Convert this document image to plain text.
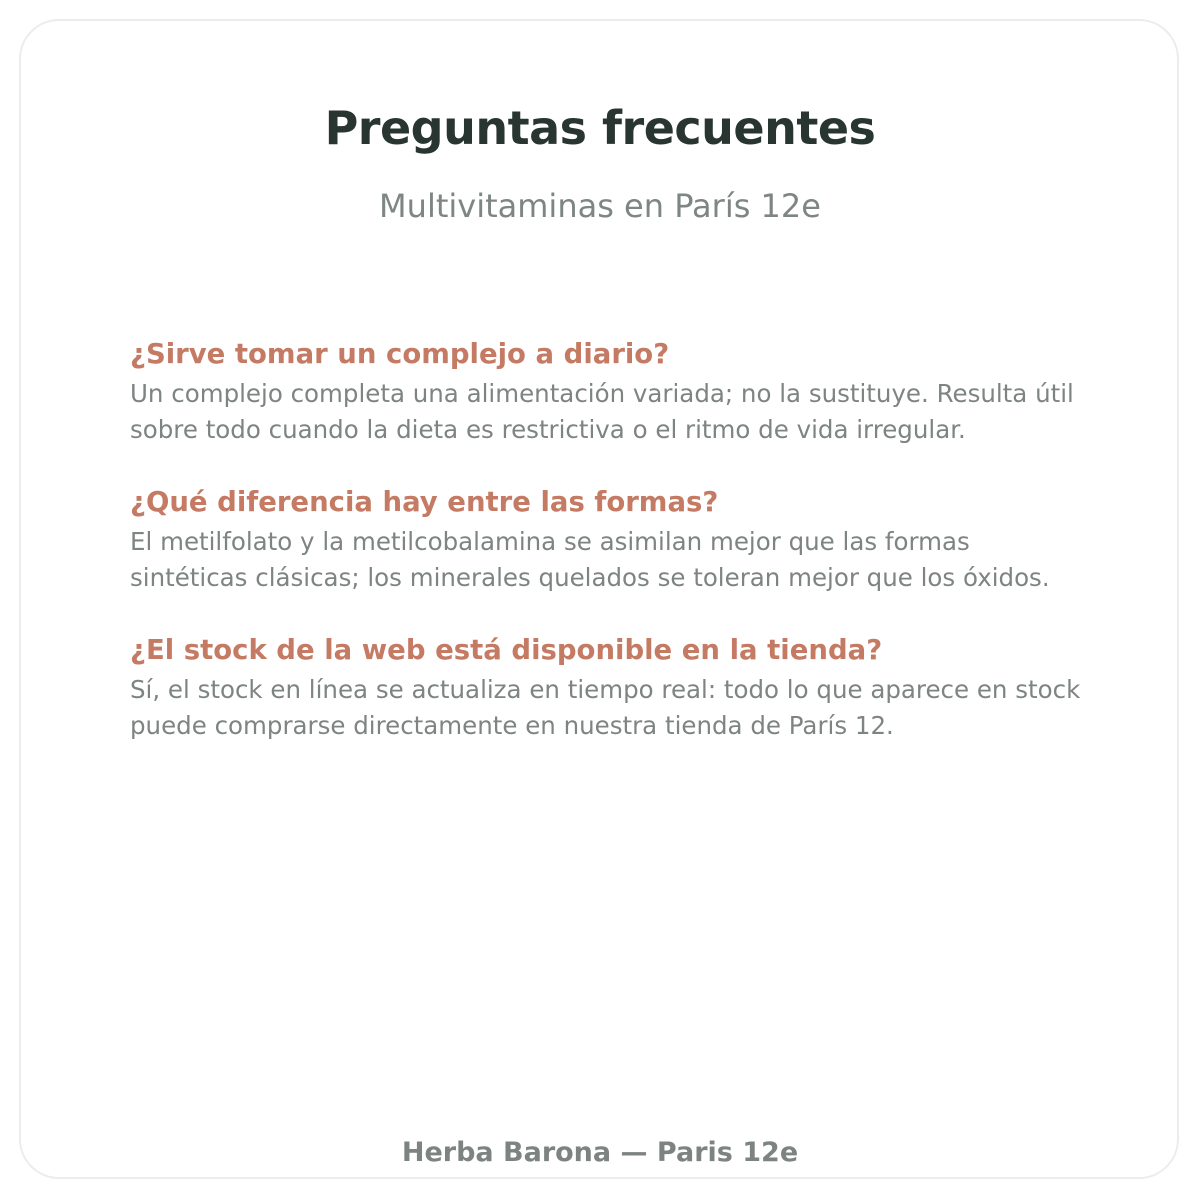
Preguntas frecuentes
Multivitaminas en París 12e
¿Sirve tomar un complejo a diario?
Un complejo completa una alimentación variada; no la sustituye. Resulta útil sobre todo cuando la dieta es restrictiva o el ritmo de vida irregular.
¿Qué diferencia hay entre las formas?
El metilfolato y la metilcobalamina se asimilan mejor que las formas sintéticas clásicas; los minerales quelados se toleran mejor que los óxidos.
¿El stock de la web está disponible en la tienda?
Sí, el stock en línea se actualiza en tiempo real: todo lo que aparece en stock puede comprarse directamente en nuestra tienda de París 12.
Herba Barona — Paris 12e
